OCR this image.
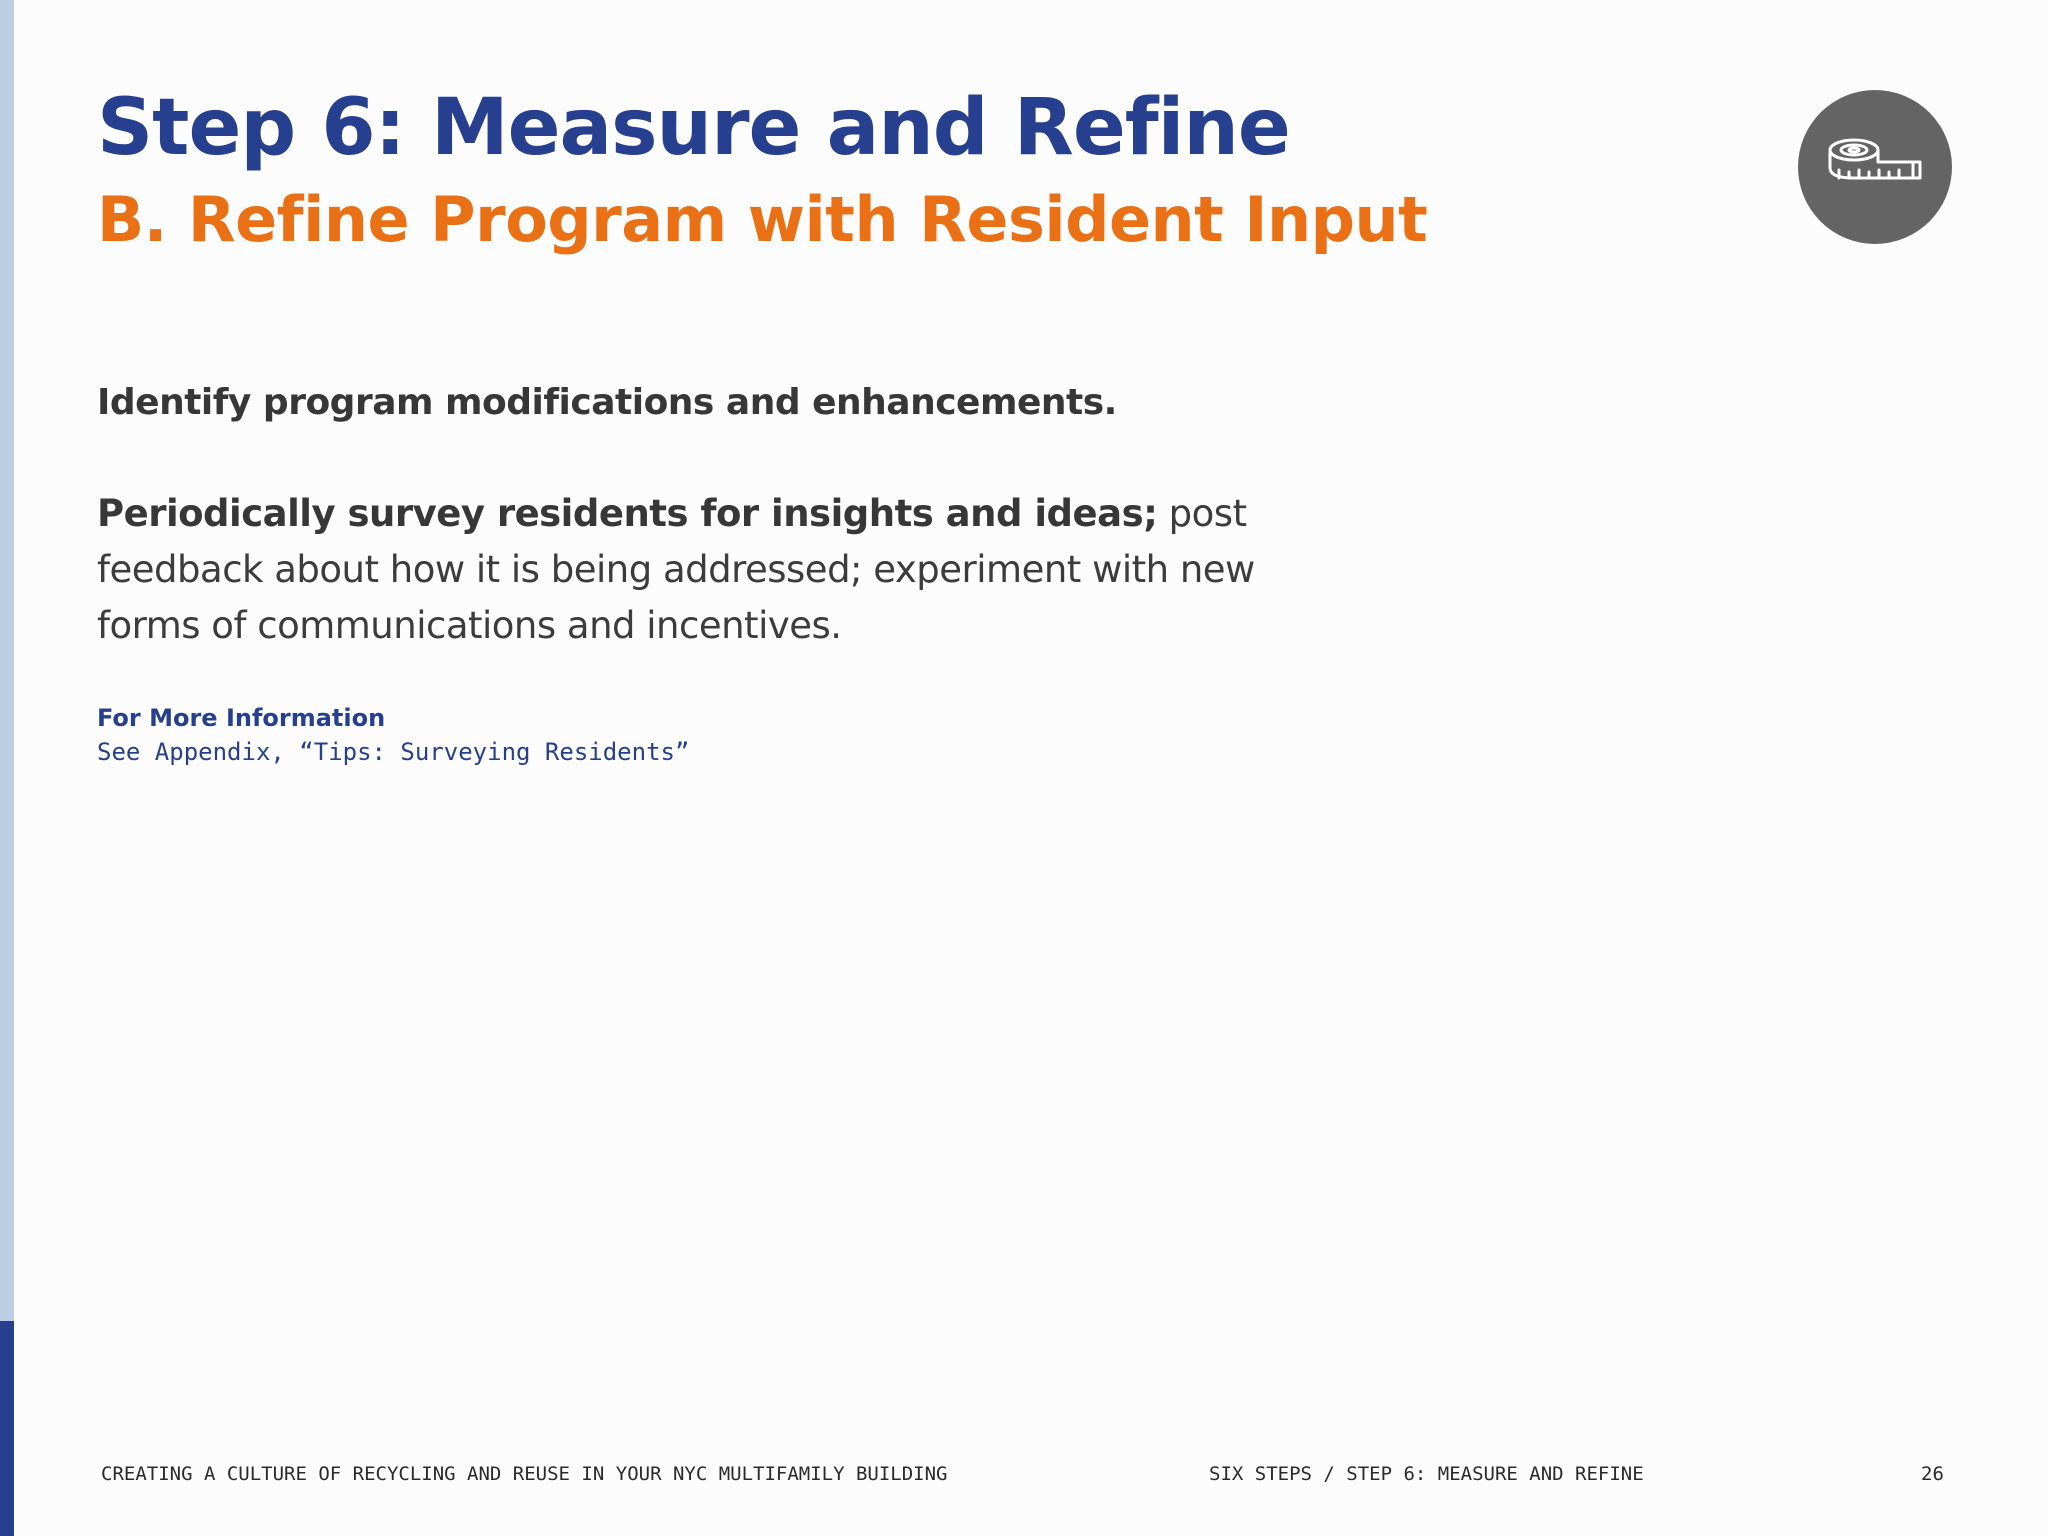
Step 6: Measure and Refine
B. Refine Program with Resident Input

Identify program modifications and enhancements.

Periodically survey residents for insights and ideas; post feedback about how it is being addressed; experiment with new forms of communications and incentives.

For More Information

See Appendix, “Tips: Surveying Residents”

CREATING A CULTURE OF RECYCLING AND REUSE IN YOUR NYC MULTIFAMILY BUILDING	SIX STEPS / STEP 6: MEASURE AND REFINE	26
